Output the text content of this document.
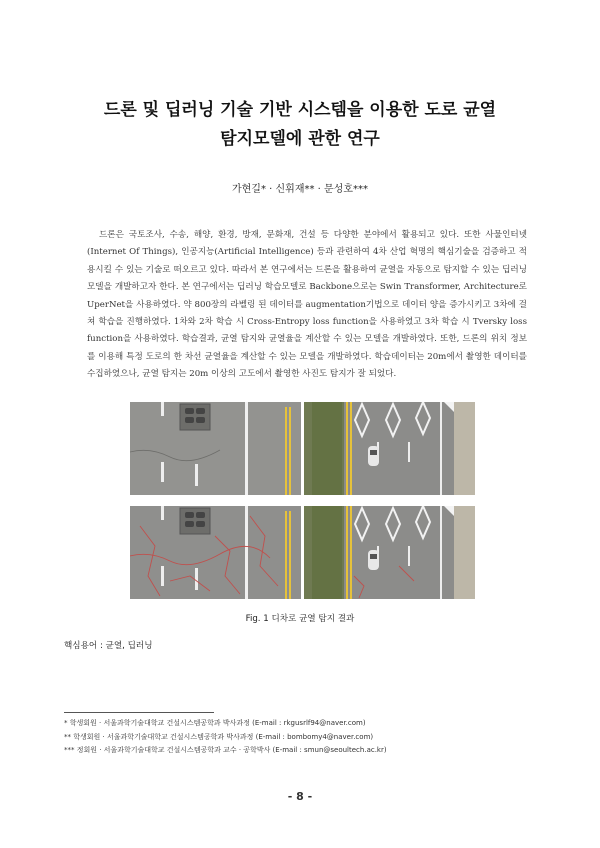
드론 및 딥러닝 기술 기반 시스템을 이용한 도로 균열
탐지모델에 관한 연구
가현길* · 신휘재** · 문성호***

드론은 국토조사, 수송, 해양, 환경, 방재, 문화재, 건설 등 다양한 분야에서 활용되고 있다. 또한 사물인터넷(Internet Of Things), 인공지능(Artificial Intelligence) 등과 관련하여 4차 산업 혁명의 핵심기술을 검증하고 적용시킬 수 있는 기술로 떠오르고 있다. 따라서 본 연구에서는 드론을 활용하여 균열을 자동으로 탐지할 수 있는 딥러닝 모델을 개발하고자 한다. 본 연구에서는 딥러닝 학습모델로 Backbone으로는 Swin Transformer, Architecture로 UperNet을 사용하였다. 약 800장의 라벨링 된 데이터를 augmentation기법으로 데이터 양을 증가시키고 3차에 걸쳐 학습을 진행하였다. 1차와 2차 학습 시 Cross-Entropy loss function을 사용하였고 3차 학습 시 Tversky loss function을 사용하였다. 학습결과, 균열 탐지와 균열율을 계산할 수 있는 모델을 개발하였다. 또한, 드론의 위치 정보를 이용해 특정 도로의 한 차선 균열율을 계산할 수 있는 모델을 개발하였다. 학습데이터는 20m에서 촬영한 데이터를 수집하였으나, 균열 탐지는 20m 이상의 고도에서 촬영한 사진도 탐지가 잘 되었다.

Fig. 1 디차로 균열 탐지 결과
핵심용어 : 균열, 딥러닝
* 학생회원 · 서울과학기술대학교 건설시스템공학과 박사과정 (E-mail : rkgusrlf94@naver.com)
** 학생회원 · 서울과학기술대학교 건설시스템공학과 박사과정 (E-mail : bombomy4@naver.com)
*** 정회원 · 서울과학기술대학교 건설시스템공학과 교수 · 공학박사 (E-mail : smun@seoultech.ac.kr)
- 8 -
